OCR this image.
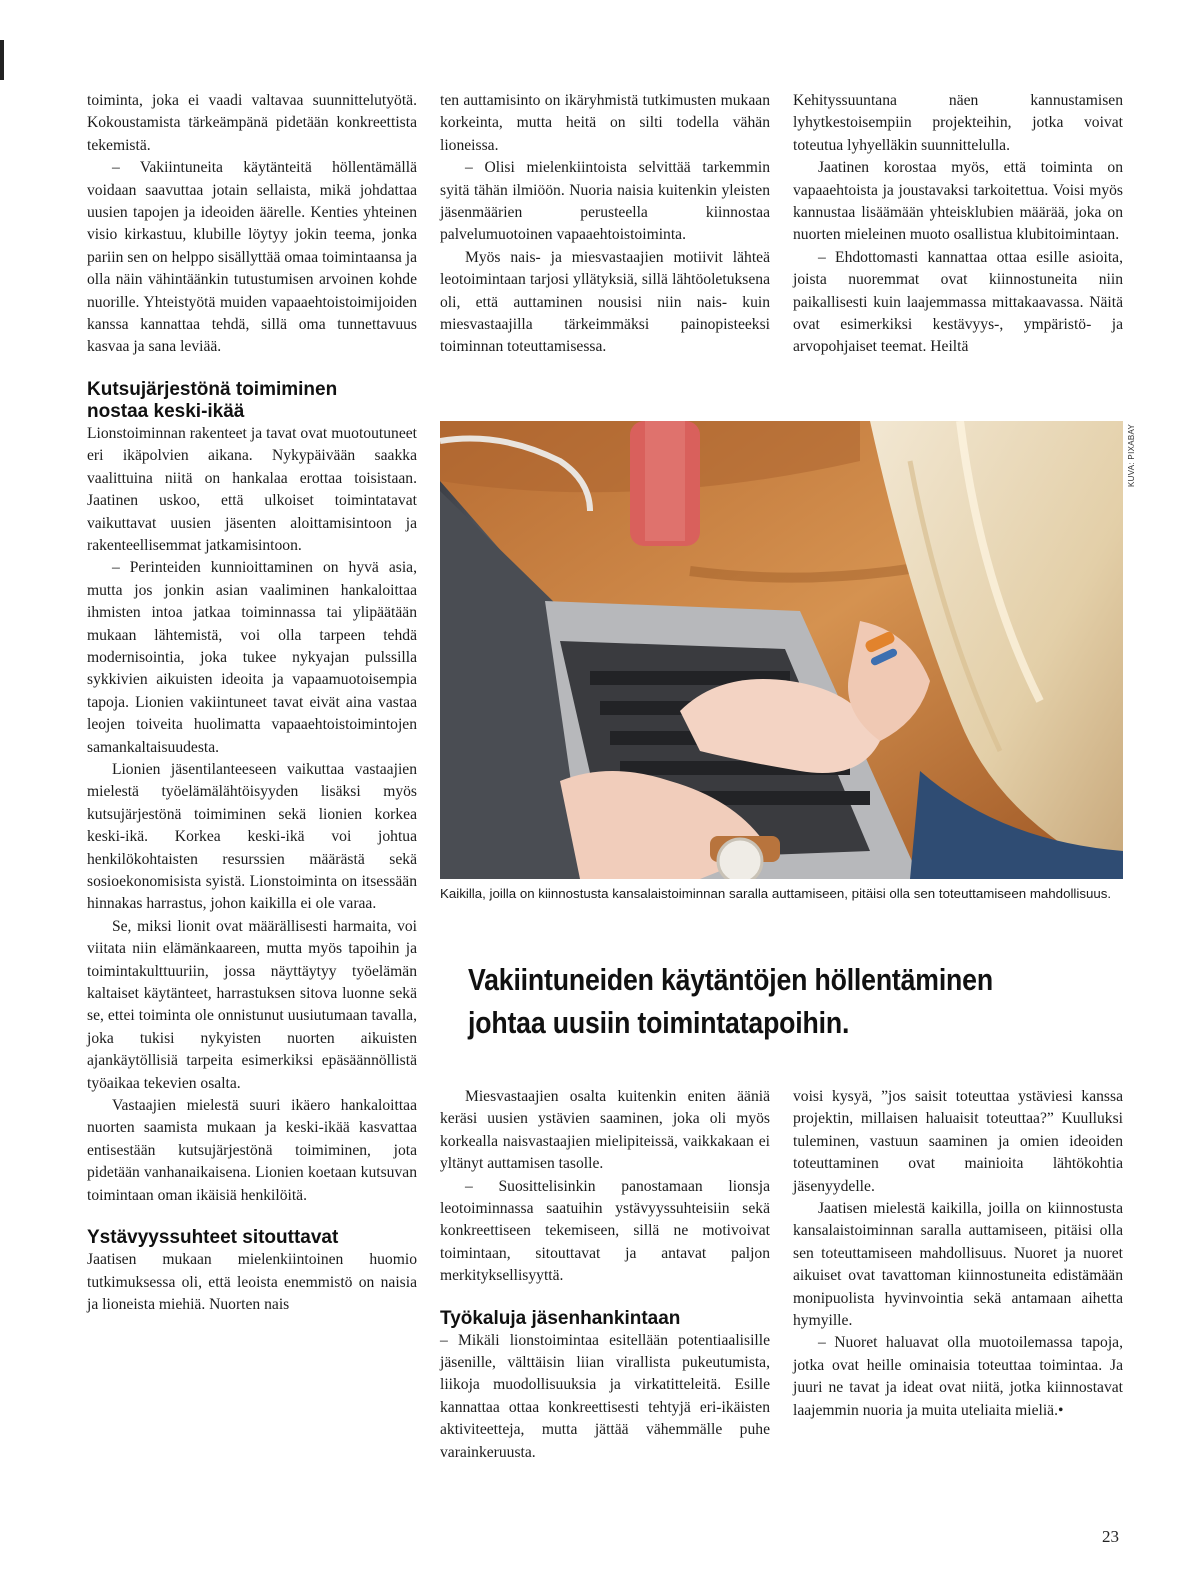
toiminta, joka ei vaadi valtavaa suunnittelutyötä. Kokoustamista tärkeämpänä pidetään konkreettista tekemistä.

– Vakiintuneita käytänteitä höllentämällä voidaan saavuttaa jotain sellaista, mikä johdattaa uusien tapojen ja ideoiden äärelle. Kenties yhteinen visio kirkastuu, klubille löytyy jokin teema, jonka pariin sen on helppo sisällyttää omaa toimintaansa ja olla näin vähintäänkin tutustumisen arvoinen kohde nuorille. Yhteistyötä muiden vapaaehtoistoimijoiden kanssa kannattaa tehdä, sillä oma tunnettavuus kasvaa ja sana leviää.

Kutsujärjestönä toimiminen nostaa keski-ikää

Lionstoiminnan rakenteet ja tavat ovat muotoutuneet eri ikäpolvien aikana. Nykypäivään saakka vaalittuina niitä on hankalaa erottaa toisistaan. Jaatinen uskoo, että ulkoiset toimintatavat vaikuttavat uusien jäsenten aloittamisintoon ja rakenteellisemmat jatkamisintoon.

– Perinteiden kunnioittaminen on hyvä asia, mutta jos jonkin asian vaaliminen hankaloittaa ihmisten intoa jatkaa toiminnassa tai ylipäätään mukaan lähtemistä, voi olla tarpeen tehdä modernisointia, joka tukee nykyajan pulssilla sykkivien aikuisten ideoita ja vapaamuotoisempia tapoja. Lionien vakiintuneet tavat eivät aina vastaa leojen toiveita huolimatta vapaaehtoistoimintojen samankaltaisuudesta.

Lionien jäsentilanteeseen vaikuttaa vastaajien mielestä työelämälähtöisyyden lisäksi myös kutsujärjestönä toimiminen sekä lionien korkea keski-ikä. Korkea keski-ikä voi johtua henkilökohtaisten resurssien määrästä sekä sosioekonomisista syistä. Lionstoiminta on itsessään hinnakas harrastus, johon kaikilla ei ole varaa.

Se, miksi lionit ovat määrällisesti harmaita, voi viitata niin elämänkaareen, mutta myös tapoihin ja toimintakulttuuriin, jossa näyttäytyy työelämän kaltaiset käytänteet, harrastuksen sitova luonne sekä se, ettei toiminta ole onnistunut uusiutumaan tavalla, joka tukisi nykyisten nuorten aikuisten ajankäytöllisiä tarpeita esimerkiksi epäsäännöllistä työaikaa tekevien osalta.

Vastaajien mielestä suuri ikäero hankaloittaa nuorten saamista mukaan ja keski-ikää kasvattaa entisestään kutsujärjestönä toimiminen, jota pidetään vanhanaikaisena. Lionien koetaan kutsuvan toimintaan oman ikäisiä henkilöitä.

Ystävyyssuhteet sitouttavat

Jaatisen mukaan mielenkiintoinen huomio tutkimuksessa oli, että leoista enemmistö on naisia ja lioneista miehiä. Nuorten nais

ten auttamisinto on ikäryhmistä tutkimusten mukaan korkeinta, mutta heitä on silti todella vähän lioneissa.

– Olisi mielenkiintoista selvittää tarkemmin syitä tähän ilmiöön. Nuoria naisia kuitenkin yleisten jäsenmäärien perusteella kiinnostaa palvelumuotoinen vapaaehtoistoiminta.

Myös nais- ja miesvastaajien motiivit lähteä leotoimintaan tarjosi yllätyksiä, sillä lähtöoletuksena oli, että auttaminen nousisi niin nais- kuin miesvastaajilla tärkeimmäksi painopisteeksi toiminnan toteuttamisessa.

Kehityssuuntana näen kannustamisen lyhytkestoisempiin projekteihin, jotka voivat toteutua lyhyelläkin suunnittelulla.

Jaatinen korostaa myös, että toiminta on vapaaehtoista ja joustavaksi tarkoitettua. Voisi myös kannustaa lisäämään yhteisklubien määrää, joka on nuorten mieleinen muoto osallistua klubitoimintaan.

– Ehdottomasti kannattaa ottaa esille asioita, joista nuoremmat ovat kiinnostuneita niin paikallisesti kuin laajemmassa mittakaavassa. Näitä ovat esimerkiksi kestävyys-, ympäristö- ja arvopohjaiset teemat. Heiltä

KUVA: PIXABAY
Kaikilla, joilla on kiinnostusta kansalaistoiminnan saralla auttamiseen, pitäisi olla sen toteuttamiseen mahdollisuus.
Vakiintuneiden käytäntöjen höllentäminen
johtaa uusiin toimintatapoihin.

Miesvastaajien osalta kuitenkin eniten ääniä keräsi uusien ystävien saaminen, joka oli myös korkealla naisvastaajien mielipiteissä, vaikkakaan ei yltänyt auttamisen tasolle.

– Suosittelisinkin panostamaan lionsja leotoiminnassa saatuihin ystävyyssuhteisiin sekä konkreettiseen tekemiseen, sillä ne motivoivat toimintaan, sitouttavat ja antavat paljon merkityksellisyyttä.

Työkaluja jäsenhankintaan

– Mikäli lionstoimintaa esitellään potentiaalisille jäsenille, välttäisin liian virallista pukeutumista, liikoja muodollisuuksia ja virkatitteleitä. Esille kannattaa ottaa konkreettisesti tehtyjä eri-ikäisten aktiviteetteja, mutta jättää vähemmälle puhe varainkeruusta.

voisi kysyä, ”jos saisit toteuttaa ystäviesi kanssa projektin, millaisen haluaisit toteuttaa?” Kuulluksi tuleminen, vastuun saaminen ja omien ideoiden toteuttaminen ovat mainioita lähtökohtia jäsenyydelle.

Jaatisen mielestä kaikilla, joilla on kiinnostusta kansalaistoiminnan saralla auttamiseen, pitäisi olla sen toteuttamiseen mahdollisuus. Nuoret ja nuoret aikuiset ovat tavattoman kiinnostuneita edistämään monipuolista hyvinvointia sekä antamaan aihetta hymyille.

– Nuoret haluavat olla muotoilemassa tapoja, jotka ovat heille ominaisia toteuttaa toimintaa. Ja juuri ne tavat ja ideat ovat niitä, jotka kiinnostavat laajemmin nuoria ja muita uteliaita mieliä.•

23
